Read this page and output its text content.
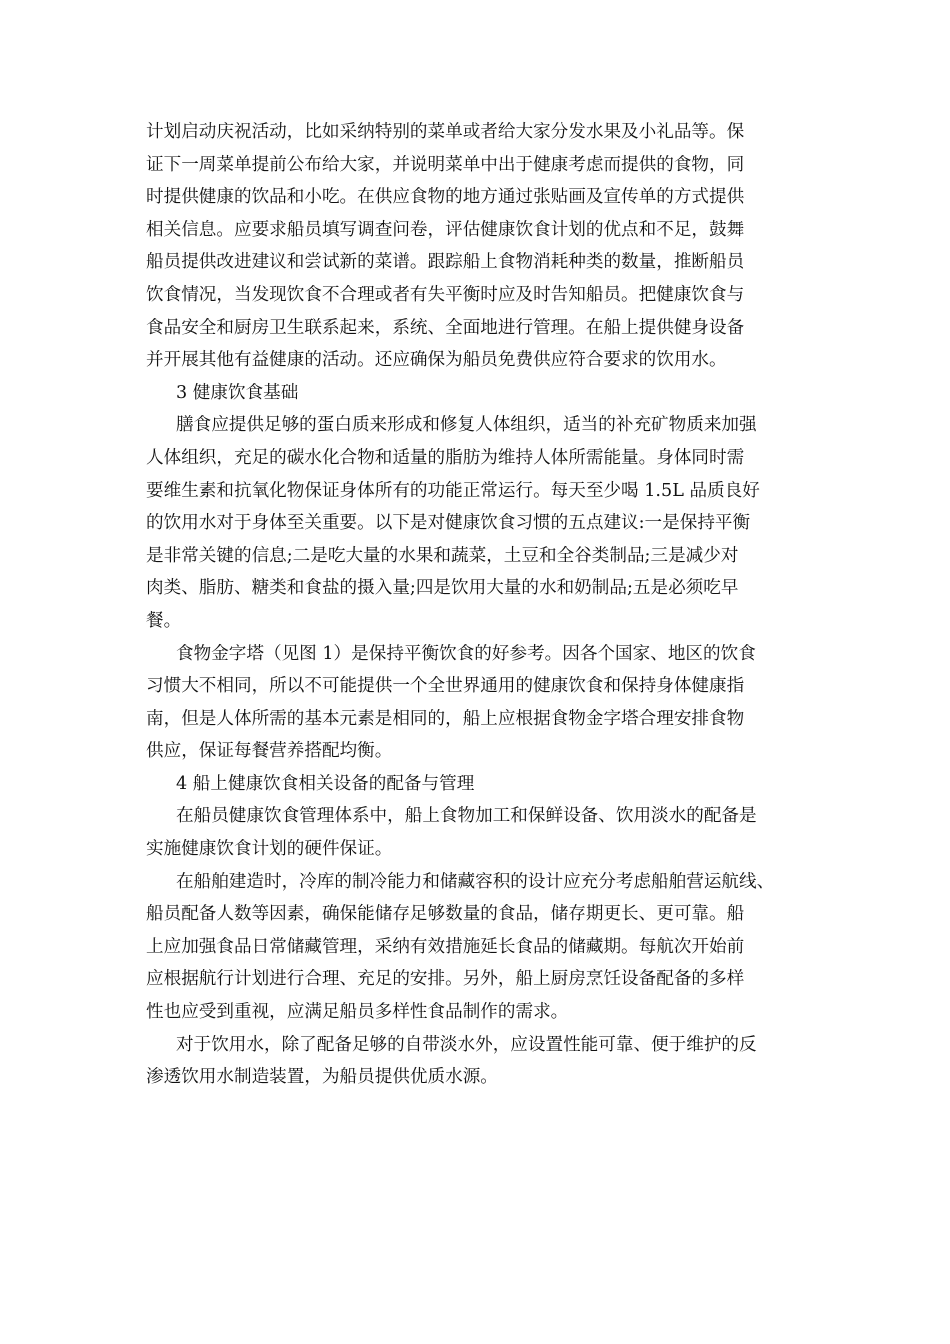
计划启动庆祝活动，比如采纳特别的菜单或者给大家分发水果及小礼品等。保
证下一周菜单提前公布给大家，并说明菜单中出于健康考虑而提供的食物，同
时提供健康的饮品和小吃。在供应食物的地方通过张贴画及宣传单的方式提供
相关信息。应要求船员填写调查问卷，评估健康饮食计划的优点和不足，鼓舞
船员提供改进建议和尝试新的菜谱。跟踪船上食物消耗种类的数量，推断船员
饮食情况，当发现饮食不合理或者有失平衡时应及时告知船员。把健康饮食与
食品安全和厨房卫生联系起来，系统、全面地进行管理。在船上提供健身设备
并开展其他有益健康的活动。还应确保为船员免费供应符合要求的饮用水。
3 健康饮食基础
膳食应提供足够的蛋白质来形成和修复人体组织，适当的补充矿物质来加强
人体组织，充足的碳水化合物和适量的脂肪为维持人体所需能量。身体同时需
要维生素和抗氧化物保证身体所有的功能正常运行。每天至少喝 1.5L 品质良好
的饮用水对于身体至关重要。以下是对健康饮食习惯的五点建议:一是保持平衡
是非常关键的信息;二是吃大量的水果和蔬菜，土豆和全谷类制品;三是减少对
肉类、脂肪、糖类和食盐的摄入量;四是饮用大量的水和奶制品;五是必须吃早
餐。
食物金字塔（见图 1）是保持平衡饮食的好参考。因各个国家、地区的饮食
习惯大不相同，所以不可能提供一个全世界通用的健康饮食和保持身体健康指
南，但是人体所需的基本元素是相同的，船上应根据食物金字塔合理安排食物
供应，保证每餐营养搭配均衡。
4 船上健康饮食相关设备的配备与管理
在船员健康饮食管理体系中，船上食物加工和保鲜设备、饮用淡水的配备是
实施健康饮食计划的硬件保证。
在船舶建造时，冷库的制冷能力和储藏容积的设计应充分考虑船舶营运航线、
船员配备人数等因素，确保能储存足够数量的食品，储存期更长、更可靠。船
上应加强食品日常储藏管理，采纳有效措施延长食品的储藏期。每航次开始前
应根据航行计划进行合理、充足的安排。另外，船上厨房烹饪设备配备的多样
性也应受到重视，应满足船员多样性食品制作的需求。
对于饮用水，除了配备足够的自带淡水外，应设置性能可靠、便于维护的反
渗透饮用水制造装置，为船员提供优质水源。
